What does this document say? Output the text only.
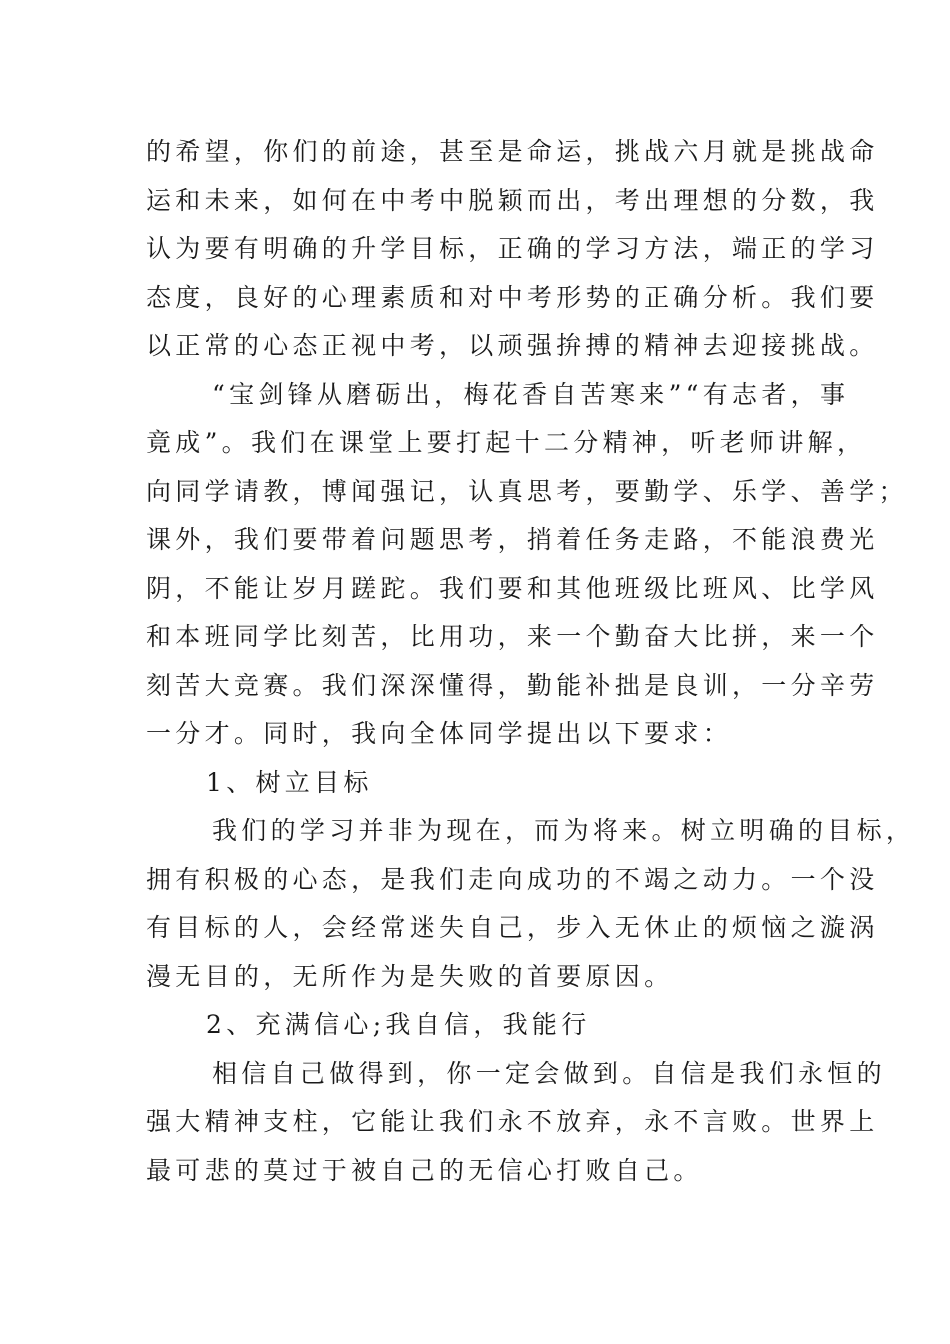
的希望，你们的前途，甚至是命运，挑战六月就是挑战命
运和未来，如何在中考中脱颖而出，考出理想的分数，我
认为要有明确的升学目标，正确的学习方法，端正的学习
态度，良好的心理素质和对中考形势的正确分析。我们要
以正常的心态正视中考，以顽强拚搏的精神去迎接挑战。
“宝剑锋从磨砺出，梅花香自苦寒来”“有志者，事
竟成”。我们在课堂上要打起十二分精神，听老师讲解，
向同学请教，博闻强记，认真思考，要勤学、乐学、善学；
课外，我们要带着问题思考，捎着任务走路，不能浪费光
阴，不能让岁月蹉跎。我们要和其他班级比班风、比学风
和本班同学比刻苦，比用功，来一个勤奋大比拼，来一个
刻苦大竞赛。我们深深懂得，勤能补拙是良训，一分辛劳
一分才。同时，我向全体同学提出以下要求：
1、树立目标
我们的学习并非为现在，而为将来。树立明确的目标，
拥有积极的心态，是我们走向成功的不竭之动力。一个没
有目标的人，会经常迷失自己，步入无休止的烦恼之漩涡
漫无目的，无所作为是失败的首要原因。
2、充满信心;我自信，我能行
相信自己做得到，你一定会做到。自信是我们永恒的
强大精神支柱，它能让我们永不放弃，永不言败。世界上
最可悲的莫过于被自己的无信心打败自己。
